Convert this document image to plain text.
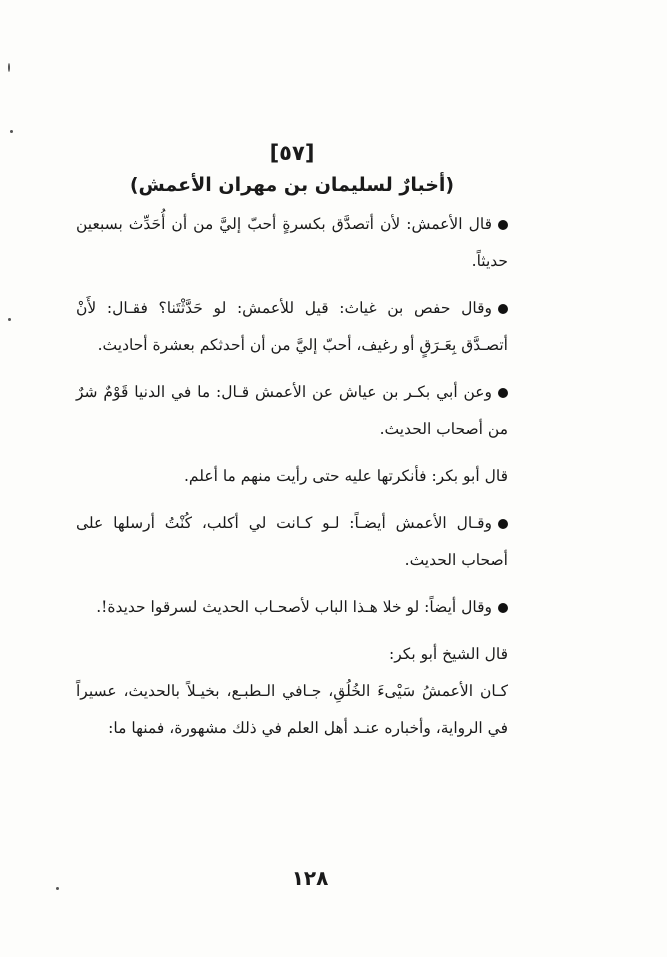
[٥٧]
(أخبارٌ لسليمان بن مهران الأعمش)

قال الأعمش: لأن أتصدَّق بكسرةٍ أحبّ إليَّ من أن أُحَدِّث بسبعين حديثاً.

وقال حفص بن غياث: قيل للأعمش: لو حَدَّثْتَنا؟ فقـال: لأَنْ أتصـدَّق بِعَـرَقٍ أو رغيف، أحبّ إليَّ من أن أحدثكم بعشرة أحاديث.

وعن أبي بكـر بن عياش عن الأعمش قـال: ما في الدنيا قَوْمٌ شرٌ من أصحاب الحديث.

قال أبو بكر: فأنكرتها عليه حتى رأيت منهم ما أعلم.

وقـال الأعمش أيضـاً: لـو كـانت لي أكلب، كُنْتُ أرسلها على أصحاب الحديث.

وقال أيضاً: لو خلا هـذا الباب لأصحـاب الحديث لسرقوا حديدة!.

قال الشيخ أبو بكر:

كـان الأعمشُ سَيْىءَ الخُلُقِ، جـافي الـطبـع، بخيـلاً بالحديث، عسيراً في الرواية، وأخباره عنـد أهل العلم في ذلك مشهورة، فمنها ما:

١٢٨
